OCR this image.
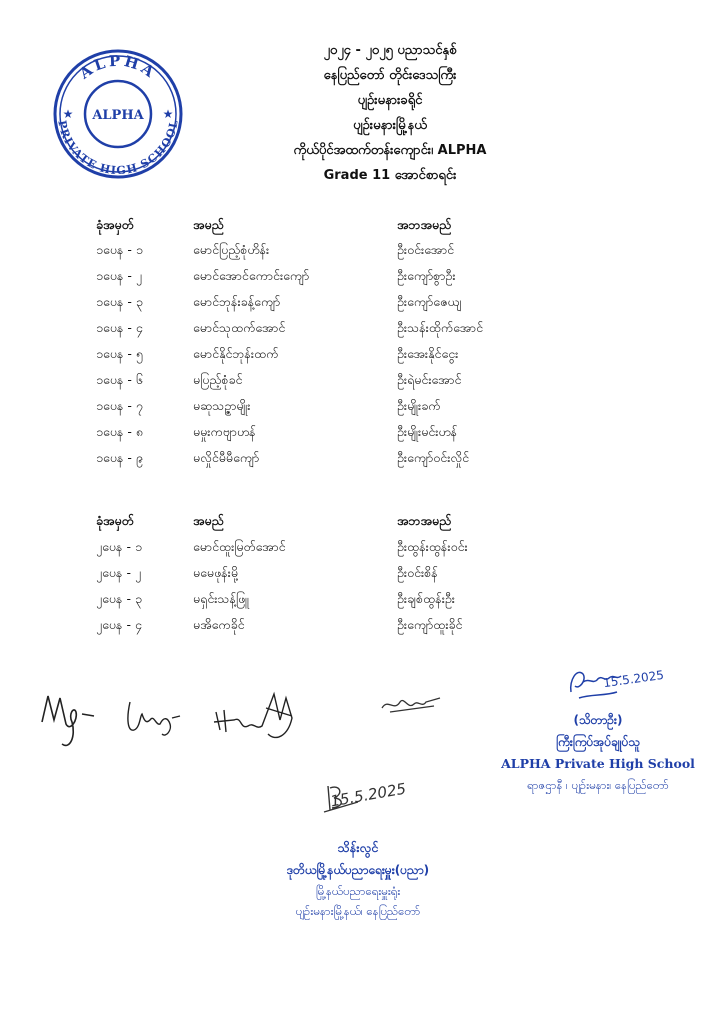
ALPHA
PRIVATE HIGH SCHOOL
★	★
ALPHA
၂၀၂၄ - ၂၀၂၅ ပညာသင်နှစ်
နေပြည်တော် တိုင်းဒေသကြီး
ပျဉ်းမနားခရိုင်
ပျဉ်းမနားမြို့နယ်
ကိုယ်ပိုင်အထက်တန်းကျောင်း၊ ALPHA
Grade 11 အောင်စာရင်း
ခုံအမှတ်	အမည်	အဘအမည်
၁ပေန - ၁	မောင်ပြည့်စုံဟိန်း	ဦးဝင်းအောင်
၁ပေန - ၂	မောင်အောင်ကောင်းကျော်	ဦးကျော်စွာဦး
၁ပေန - ၃	မောင်ဘုန်းခန့်ကျော်	ဦးကျော်ဇေယျ
၁ပေန - ၄	မောင်သုထက်အောင်	ဦးသန်းထိုက်အောင်
၁ပေန - ၅	မောင်နိုင်ဘုန်းထက်	ဦးအေးနိုင်ငွေး
၁ပေန - ၆	မပြည့်စုံခင်	ဦးရဲမင်းအောင်
၁ပေန - ၇	မဆုသဉ္ဇာမျိုး	ဦးမျိုးခက်
၁ပေန - ၈	မမှုးကဗျာဟန်	ဦးမျိုးမင်းဟန်
၁ပေန - ၉	မလှိုင်မီမီကျော်	ဦးကျော်ဝင်းလှိုင်
ခုံအမှတ်	အမည်	အဘအမည်
၂ပေန - ၁	မောင်ထူးမြတ်အောင်	ဦးထွန်းထွန်းဝင်း
၂ပေန - ၂	မမေဖုန်းမို့	ဦးဝင်းစိန်
၂ပေန - ၃	မရှင်းသန့်ဖြူ	ဦးချစ်ထွန်းဦး
၂ပေန - ၄	မအိကေခိုင်	ဦးကျော်ထူးခိုင်
15.5.2025
(သိတာဦး)
ကြီးကြပ်အုပ်ချုပ်သူ
ALPHA Private High School
ရာဇဌာနီ ၊ ပျဉ်းမနား၊ နေပြည်တော်
15.5.2025
သိန်းလွင်
ဒုတိယမြို့နယ်ပညာရေးမှူး(ပညာ)
မြို့နယ်ပညာရေးမှူးရုံး
ပျဉ်းမနားမြို့နယ်၊ နေပြည်တော်
